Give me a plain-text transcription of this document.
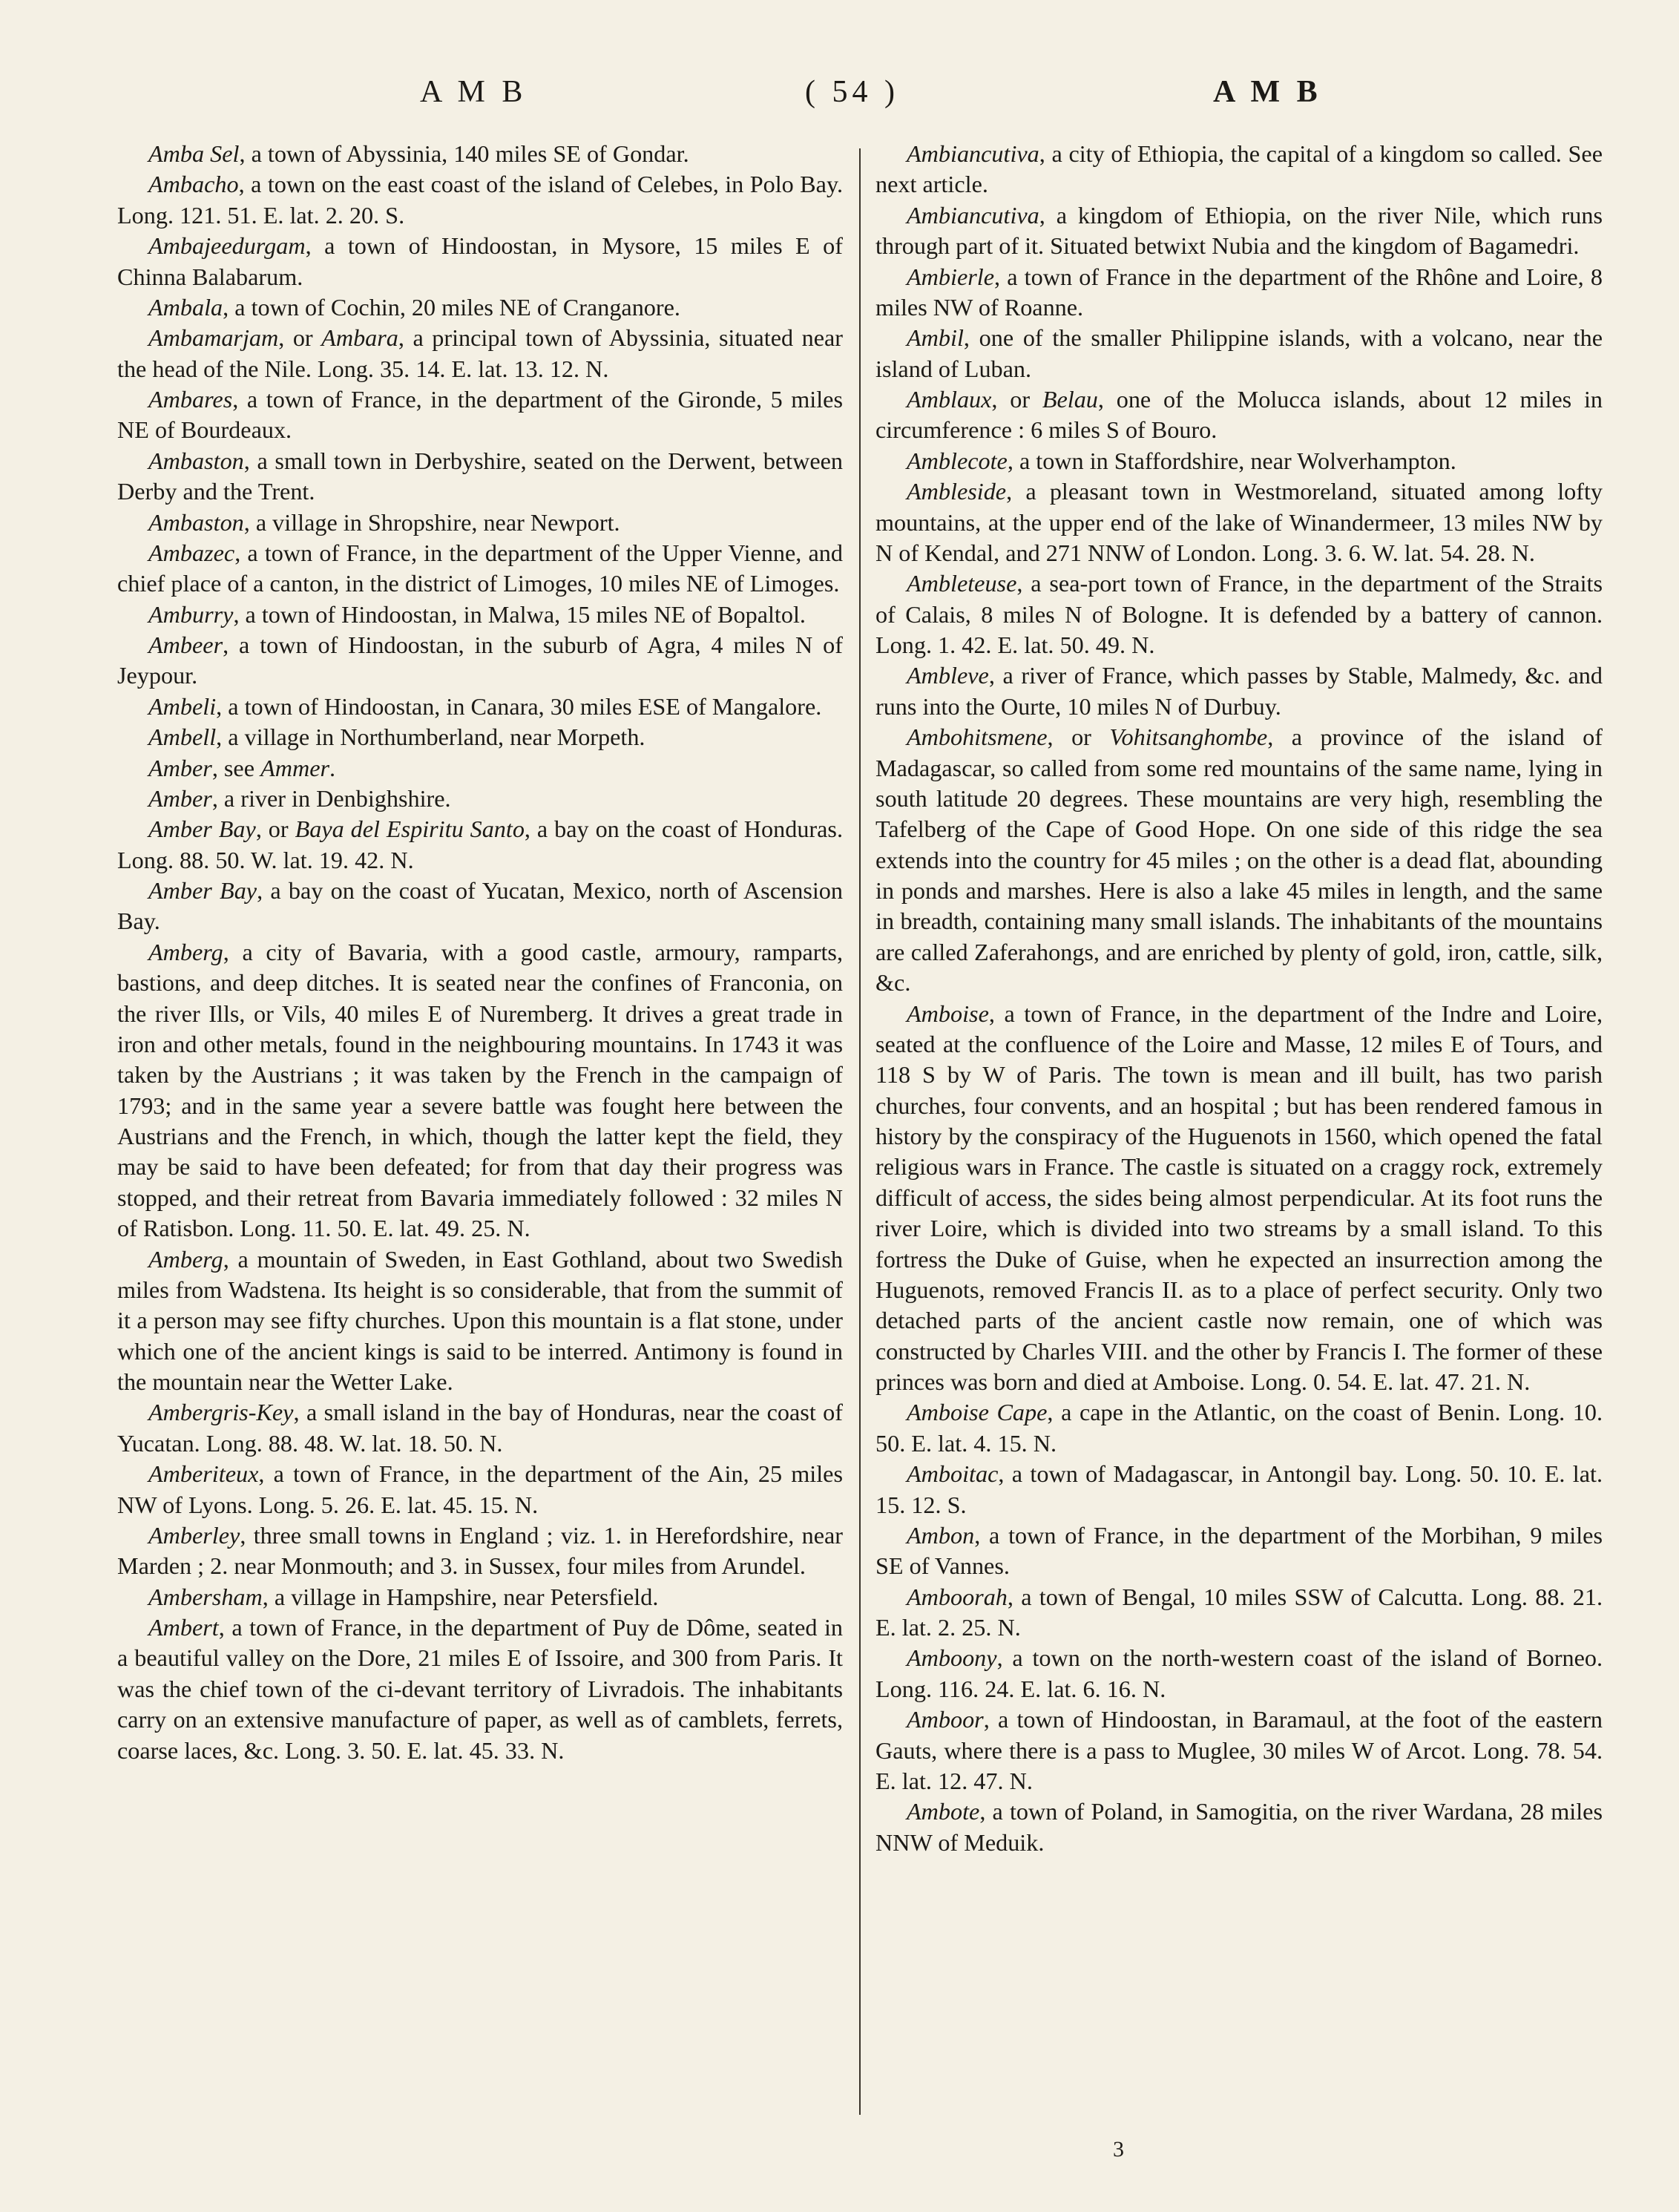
A M B	( 54 )	A M B

Amba Sel, a town of Abyssinia, 140 miles SE of Gondar.

Ambacho, a town on the east coast of the island of Celebes, in Polo Bay. Long. 121. 51. E. lat. 2. 20. S.

Ambajeedurgam, a town of Hindoostan, in Mysore, 15 miles E of Chinna Balabarum.

Ambala, a town of Cochin, 20 miles NE of Cranganore.

Ambamarjam, or Ambara, a principal town of Abyssinia, situated near the head of the Nile. Long. 35. 14. E. lat. 13. 12. N.

Ambares, a town of France, in the department of the Gironde, 5 miles NE of Bourdeaux.

Ambaston, a small town in Derbyshire, seated on the Derwent, between Derby and the Trent.

Ambaston, a village in Shropshire, near Newport.

Ambazec, a town of France, in the department of the Upper Vienne, and chief place of a canton, in the district of Limoges, 10 miles NE of Limoges.

Amburry, a town of Hindoostan, in Malwa, 15 miles NE of Bopaltol.

Ambeer, a town of Hindoostan, in the suburb of Agra, 4 miles N of Jeypour.

Ambeli, a town of Hindoostan, in Canara, 30 miles ESE of Mangalore.

Ambell, a village in Northumberland, near Morpeth.

Amber, see Ammer.

Amber, a river in Denbighshire.

Amber Bay, or Baya del Espiritu Santo, a bay on the coast of Honduras. Long. 88. 50. W. lat. 19. 42. N.

Amber Bay, a bay on the coast of Yucatan, Mexico, north of Ascension Bay.

Amberg, a city of Bavaria, with a good castle, armoury, ramparts, bastions, and deep ditches. It is seated near the confines of Franconia, on the river Ills, or Vils, 40 miles E of Nuremberg. It drives a great trade in iron and other metals, found in the neighbouring mountains. In 1743 it was taken by the Austrians ; it was taken by the French in the campaign of 1793; and in the same year a severe battle was fought here between the Austrians and the French, in which, though the latter kept the field, they may be said to have been defeated; for from that day their progress was stopped, and their retreat from Bavaria immediately followed : 32 miles N of Ratisbon. Long. 11. 50. E. lat. 49. 25. N.

Amberg, a mountain of Sweden, in East Gothland, about two Swedish miles from Wadstena. Its height is so considerable, that from the summit of it a person may see fifty churches. Upon this mountain is a flat stone, under which one of the ancient kings is said to be interred. Antimony is found in the mountain near the Wetter Lake.

Ambergris-Key, a small island in the bay of Honduras, near the coast of Yucatan. Long. 88. 48. W. lat. 18. 50. N.

Amberiteux, a town of France, in the department of the Ain, 25 miles NW of Lyons. Long. 5. 26. E. lat. 45. 15. N.

Amberley, three small towns in England ; viz. 1. in Herefordshire, near Marden ; 2. near Monmouth; and 3. in Sussex, four miles from Arundel.

Ambersham, a village in Hampshire, near Petersfield.

Ambert, a town of France, in the department of Puy de Dôme, seated in a beautiful valley on the Dore, 21 miles E of Issoire, and 300 from Paris. It was the chief town of the ci-devant territory of Livradois. The inhabitants carry on an extensive manufacture of paper, as well as of camblets, ferrets, coarse laces, &c. Long. 3. 50. E. lat. 45. 33. N.

Ambiancutiva, a city of Ethiopia, the capital of a kingdom so called. See next article.

Ambiancutiva, a kingdom of Ethiopia, on the river Nile, which runs through part of it. Situated betwixt Nubia and the kingdom of Bagamedri.

Ambierle, a town of France in the department of the Rhône and Loire, 8 miles NW of Roanne.

Ambil, one of the smaller Philippine islands, with a volcano, near the island of Luban.

Amblaux, or Belau, one of the Molucca islands, about 12 miles in circumference : 6 miles S of Bouro.

Amblecote, a town in Staffordshire, near Wolverhampton.

Ambleside, a pleasant town in Westmoreland, situated among lofty mountains, at the upper end of the lake of Winandermeer, 13 miles NW by N of Kendal, and 271 NNW of London. Long. 3. 6. W. lat. 54. 28. N.

Ambleteuse, a sea-port town of France, in the department of the Straits of Calais, 8 miles N of Bologne. It is defended by a battery of cannon. Long. 1. 42. E. lat. 50. 49. N.

Ambleve, a river of France, which passes by Stable, Malmedy, &c. and runs into the Ourte, 10 miles N of Durbuy.

Ambohitsmene, or Vohitsanghombe, a province of the island of Madagascar, so called from some red mountains of the same name, lying in south latitude 20 degrees. These mountains are very high, resembling the Tafelberg of the Cape of Good Hope. On one side of this ridge the sea extends into the country for 45 miles ; on the other is a dead flat, abounding in ponds and marshes. Here is also a lake 45 miles in length, and the same in breadth, containing many small islands. The inhabitants of the mountains are called Zaferahongs, and are enriched by plenty of gold, iron, cattle, silk, &c.

Amboise, a town of France, in the department of the Indre and Loire, seated at the confluence of the Loire and Masse, 12 miles E of Tours, and 118 S by W of Paris. The town is mean and ill built, has two parish churches, four convents, and an hospital ; but has been rendered famous in history by the conspiracy of the Huguenots in 1560, which opened the fatal religious wars in France. The castle is situated on a craggy rock, extremely difficult of access, the sides being almost perpendicular. At its foot runs the river Loire, which is divided into two streams by a small island. To this fortress the Duke of Guise, when he expected an insurrection among the Huguenots, removed Francis II. as to a place of perfect security. Only two detached parts of the ancient castle now remain, one of which was constructed by Charles VIII. and the other by Francis I. The former of these princes was born and died at Amboise. Long. 0. 54. E. lat. 47. 21. N.

Amboise Cape, a cape in the Atlantic, on the coast of Benin. Long. 10. 50. E. lat. 4. 15. N.

Amboitac, a town of Madagascar, in Antongil bay. Long. 50. 10. E. lat. 15. 12. S.

Ambon, a town of France, in the department of the Morbihan, 9 miles SE of Vannes.

Amboorah, a town of Bengal, 10 miles SSW of Calcutta. Long. 88. 21. E. lat. 2. 25. N.

Amboony, a town on the north-western coast of the island of Borneo. Long. 116. 24. E. lat. 6. 16. N.

Amboor, a town of Hindoostan, in Baramaul, at the foot of the eastern Gauts, where there is a pass to Muglee, 30 miles W of Arcot. Long. 78. 54. E. lat. 12. 47. N.

Ambote, a town of Poland, in Samogitia, on the river Wardana, 28 miles NNW of Meduik.

3
